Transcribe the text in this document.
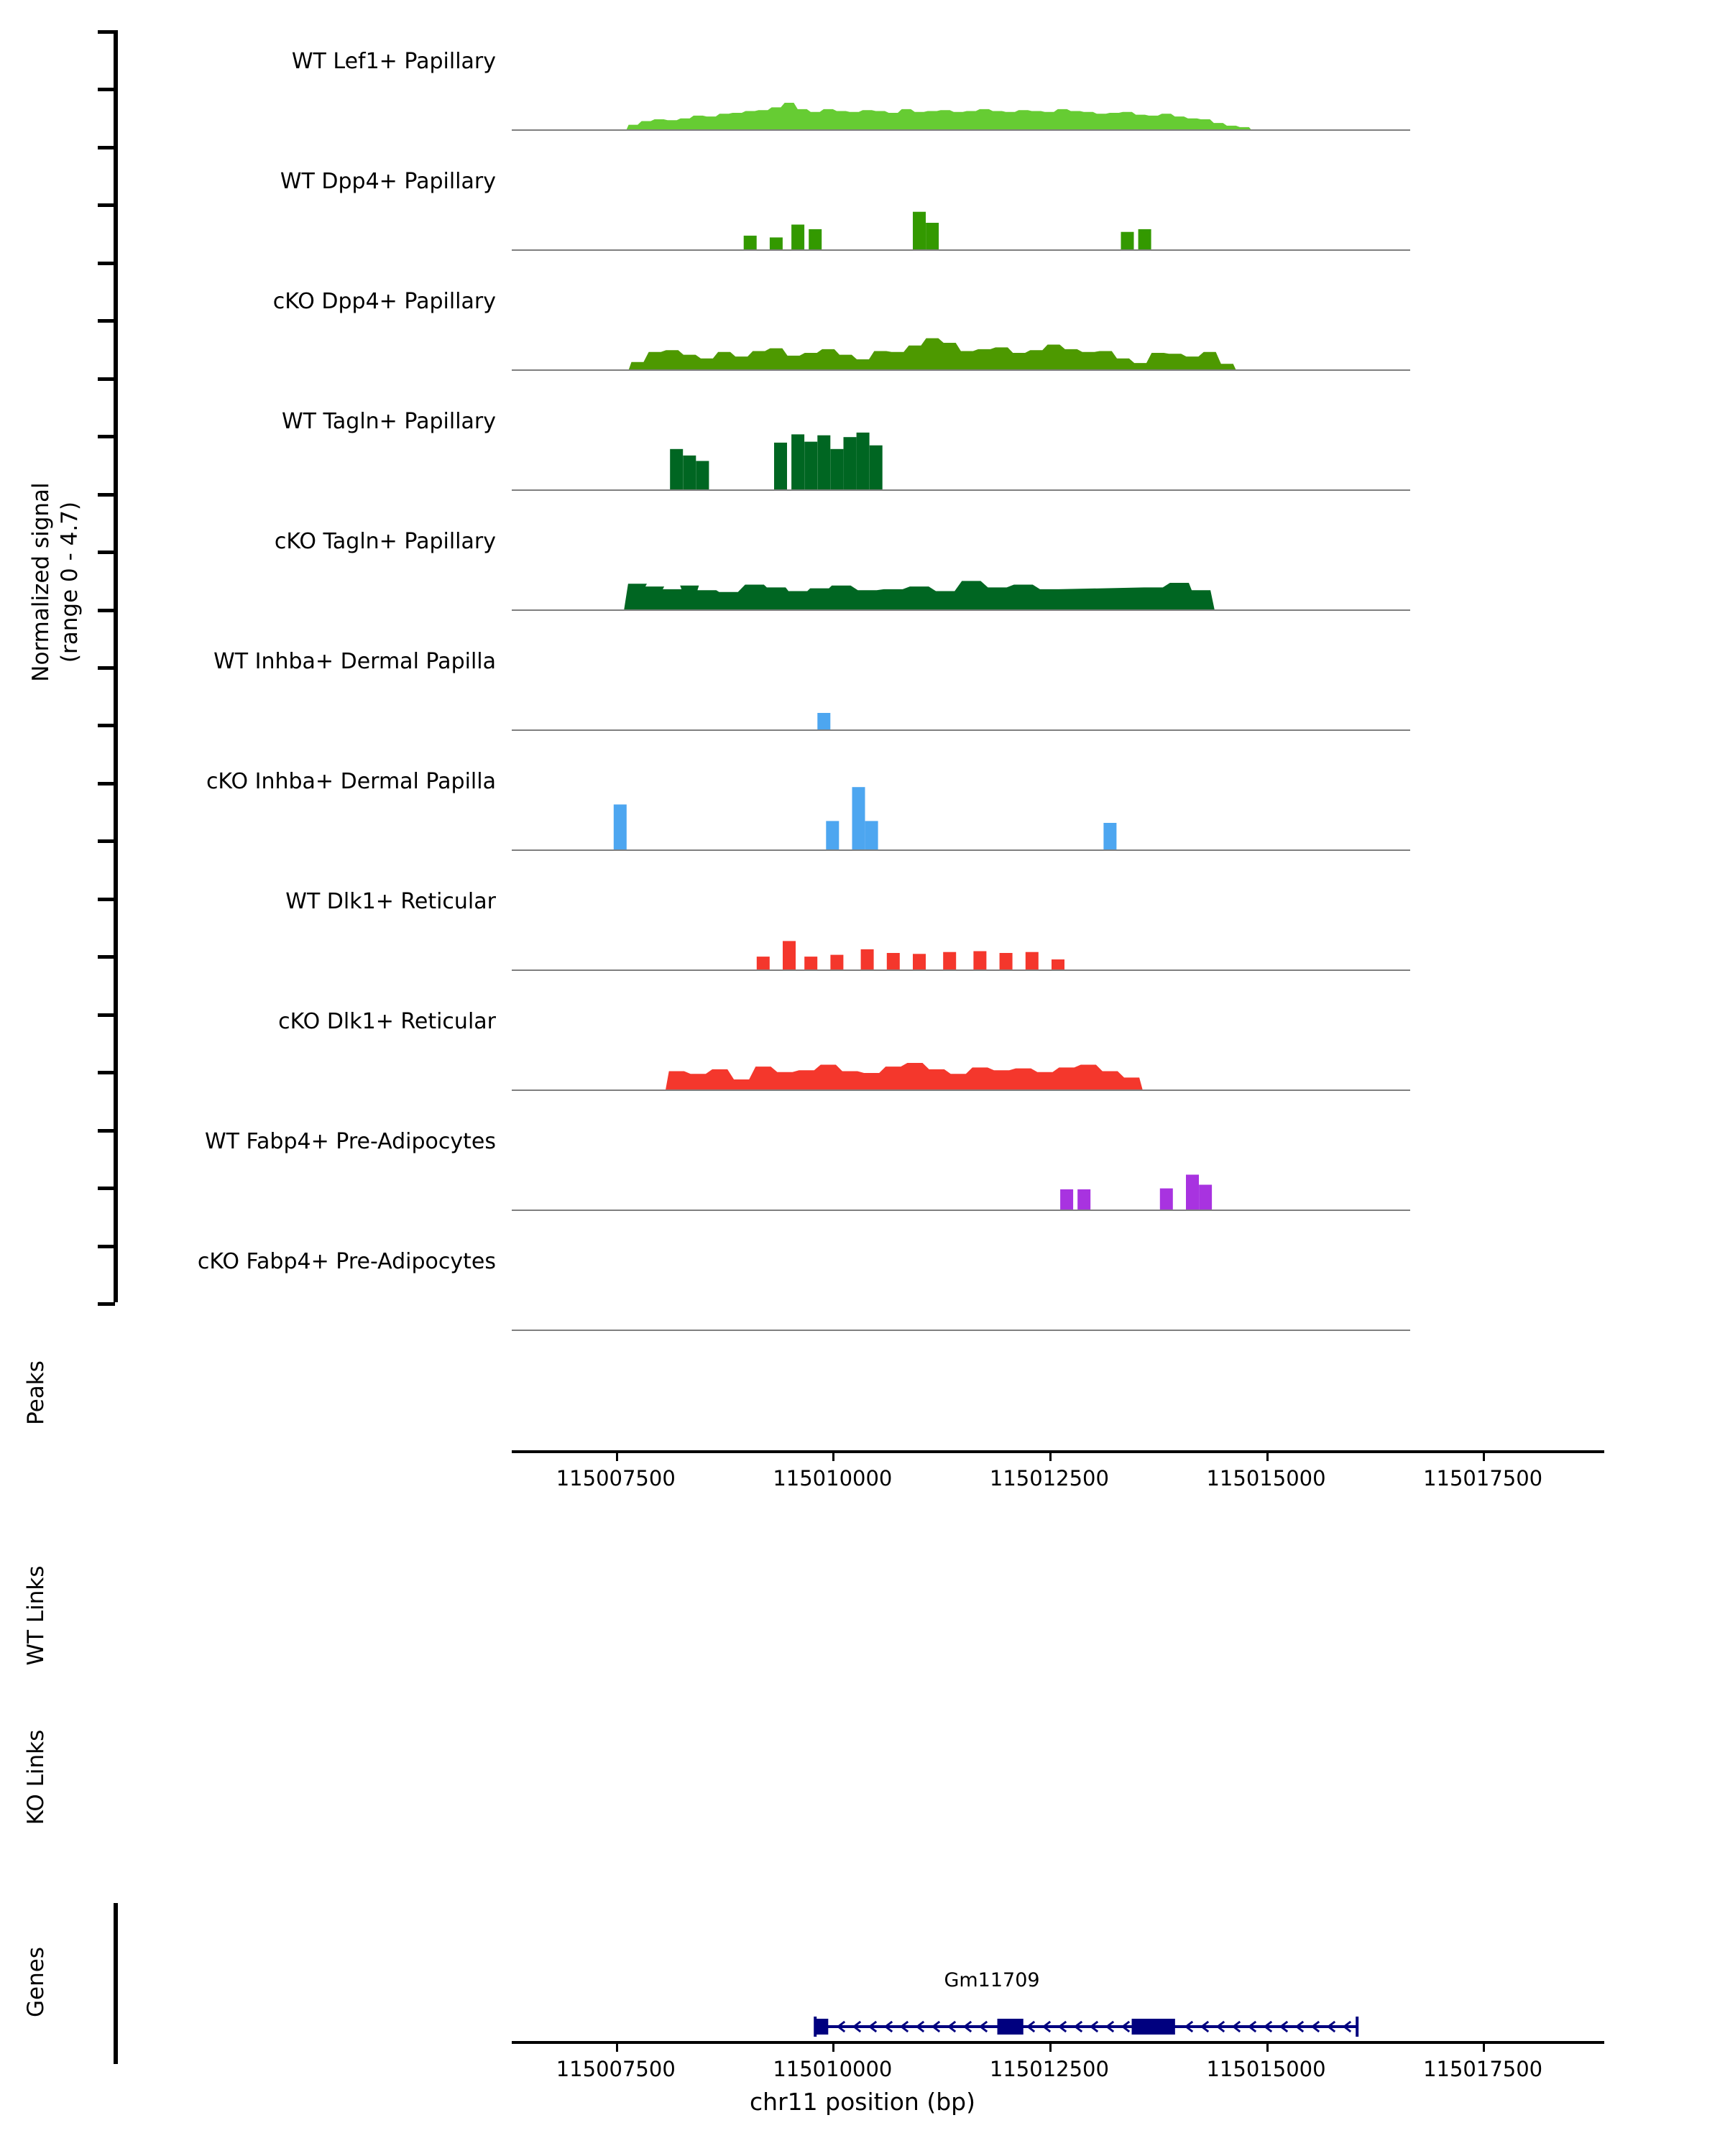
Normalized signal (range 0 - 4.7)
Peaks
WT Links
KO Links
Genes	Gm11709
WT Lef1+ Papillary
WT Dpp4+ Papillary
cKO Dpp4+ Papillary
WT Tagln+ Papillary
cKO Tagln+ Papillary
WT Inhba+ Dermal Papilla
cKO Inhba+ Dermal Papilla
WT Dlk1+ Reticular
cKO Dlk1+ Reticular
WT Fabp4+ Pre-Adipocytes
cKO Fabp4+ Pre-Adipocytes
115007500	115010000	115012500	115015000	115017500
115007500	115010000	115012500	115015000	115017500
chr11 position (bp)
